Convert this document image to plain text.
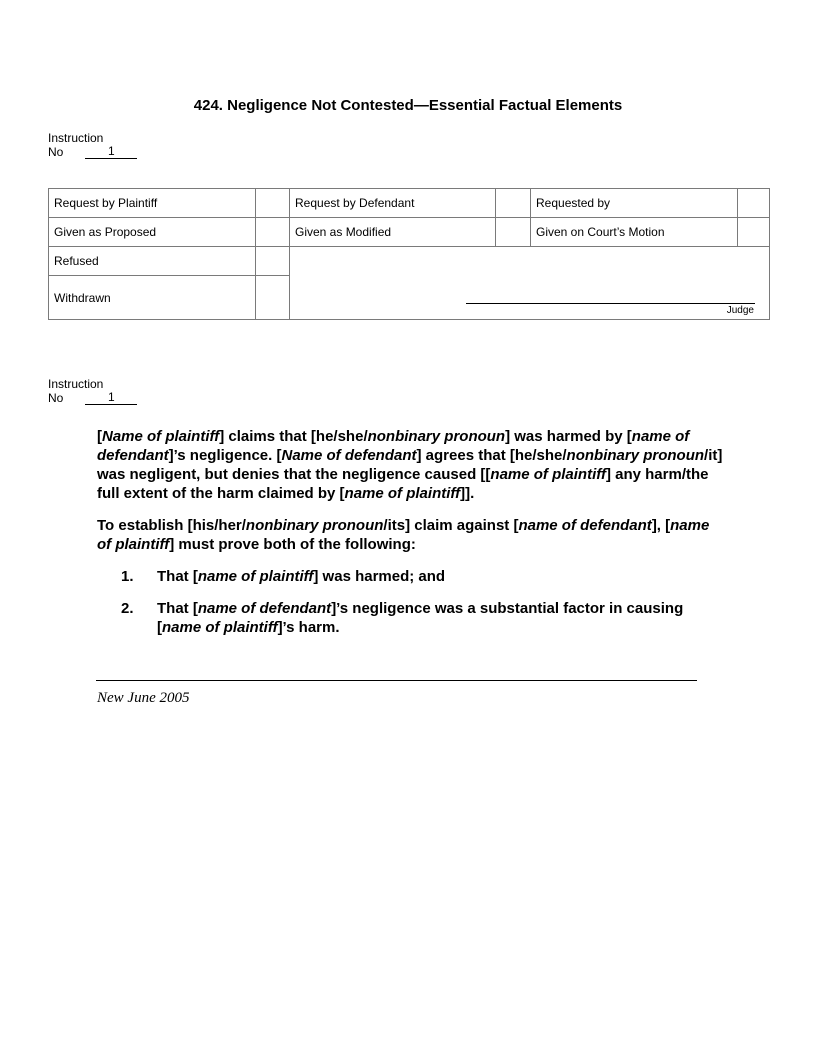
424. Negligence Not Contested—Essential Factual Elements
Instruction
No	1
Request by Plaintiff		Request by Defendant		Requested by	
Given as Proposed		Given as Modified		Given on Court’s Motion	
Refused		Judge			

Withdrawn					
Instruction
No	1

[Name of plaintiff] claims that [he/she/nonbinary pronoun] was harmed by [name of defendant]’s negligence. [Name of defendant] agrees that [he/she/nonbinary pronoun/it] was negligent, but denies that the negligence caused [[name of plaintiff] any harm/the full extent of the harm claimed by [name of plaintiff]].

To establish [his/her/nonbinary pronoun/its] claim against [name of defendant], [name of plaintiff] must prove both of the following:

1.	That [name of plaintiff] was harmed; and
2.	That [name of defendant]’s negligence was a substantial factor in causing [name of plaintiff]’s harm.
New June 2005
